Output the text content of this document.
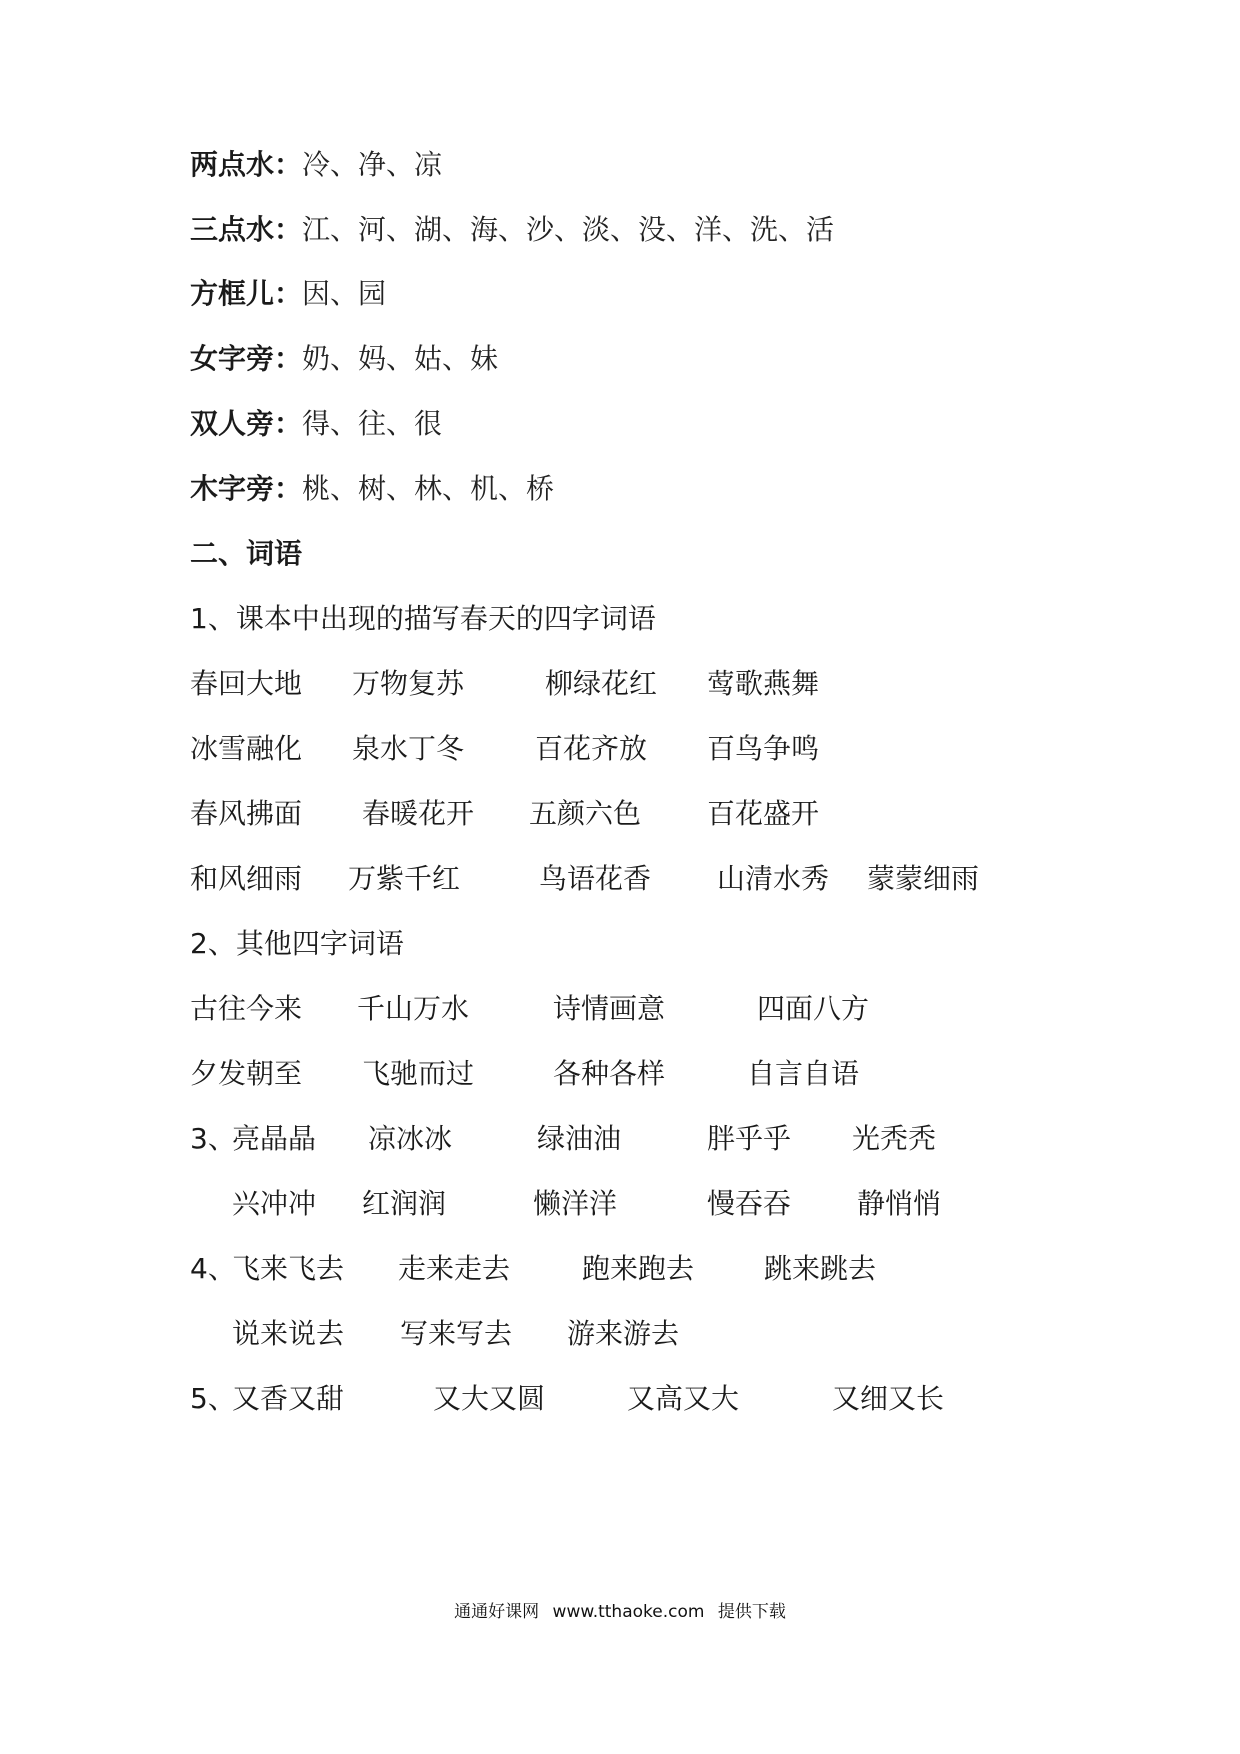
两点水：冷、净、凉
三点水：江、河、湖、海、沙、淡、没、洋、洗、活
方框儿：因、园
女字旁：奶、妈、姑、妹
双人旁：得、往、很
木字旁：桃、树、林、机、桥
二、词语
1、课本中出现的描写春天的四字词语
春回大地 万物复苏	柳绿花红 莺歌燕舞
冰雪融化 泉水丁冬	百花齐放 百鸟争鸣
春风拂面 春暖花开 五颜六色 百花盛开
和风细雨 万紫千红	鸟语花香 山清水秀 蒙蒙细雨
2、其他四字词语
古往今来 千山万水	诗情画意	四面八方
夕发朝至 飞驰而过	各种各样	自言自语
3、
亮晶晶 凉冰冰	绿油油	胖乎乎 光秃秃
兴冲冲 红润润	懒洋洋	慢吞吞 静悄悄
4、
飞来飞去 走来走去	跑来跑去 跳来跳去
说来说去 写来写去 游来游去
5、
又香又甜	又大又圆	又高又大	又细又长
通通好课网 www.tthaoke.com 提供下载
